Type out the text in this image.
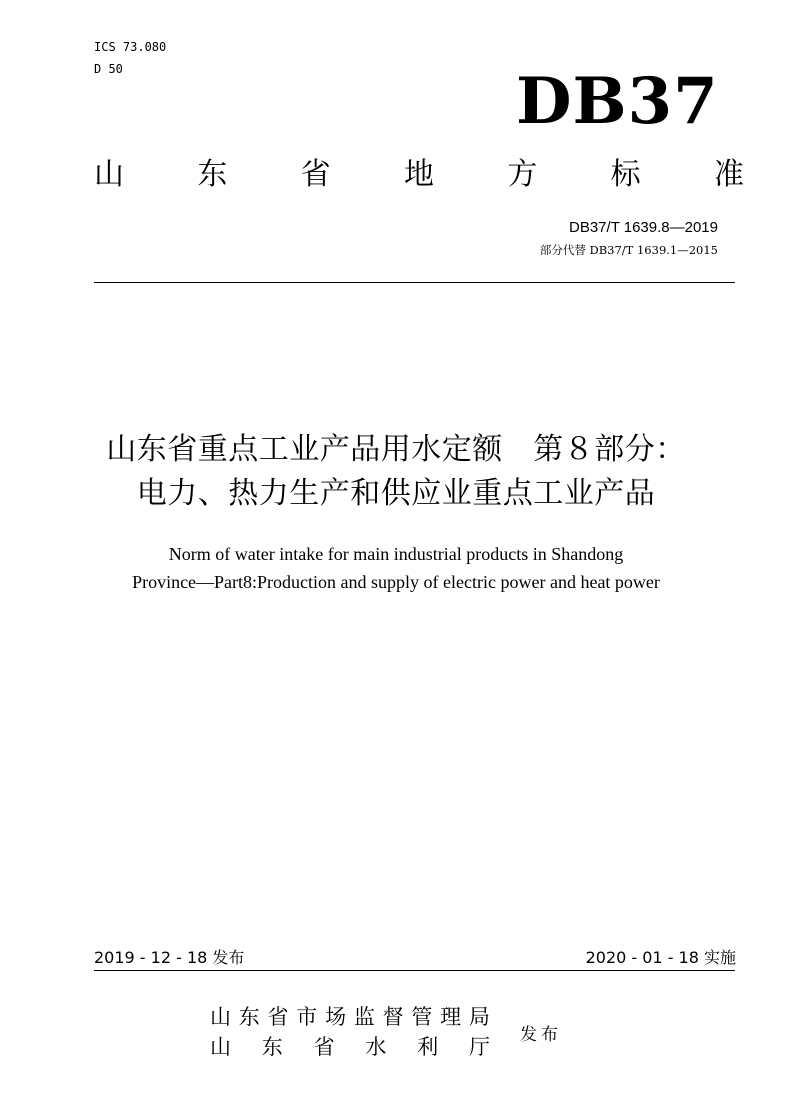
ICS 73.080
D 50	DB37
山 东 省 地 方 标 准
DB37/T 1639.8—2019
部分代替 DB37/T 1639.1—2015
山东省重点工业产品用水定额　第８部分：
电力、热力生产和供应业重点工业产品
Norm of water intake for main industrial products in Shandong
Province—Part8:Production and supply of electric power and heat power
2019 - 12 - 18 发布	2020 - 01 - 18 实施
山 东 省 市 场 监 督 管 理 局
山 东 省 水 利 厅 发布
